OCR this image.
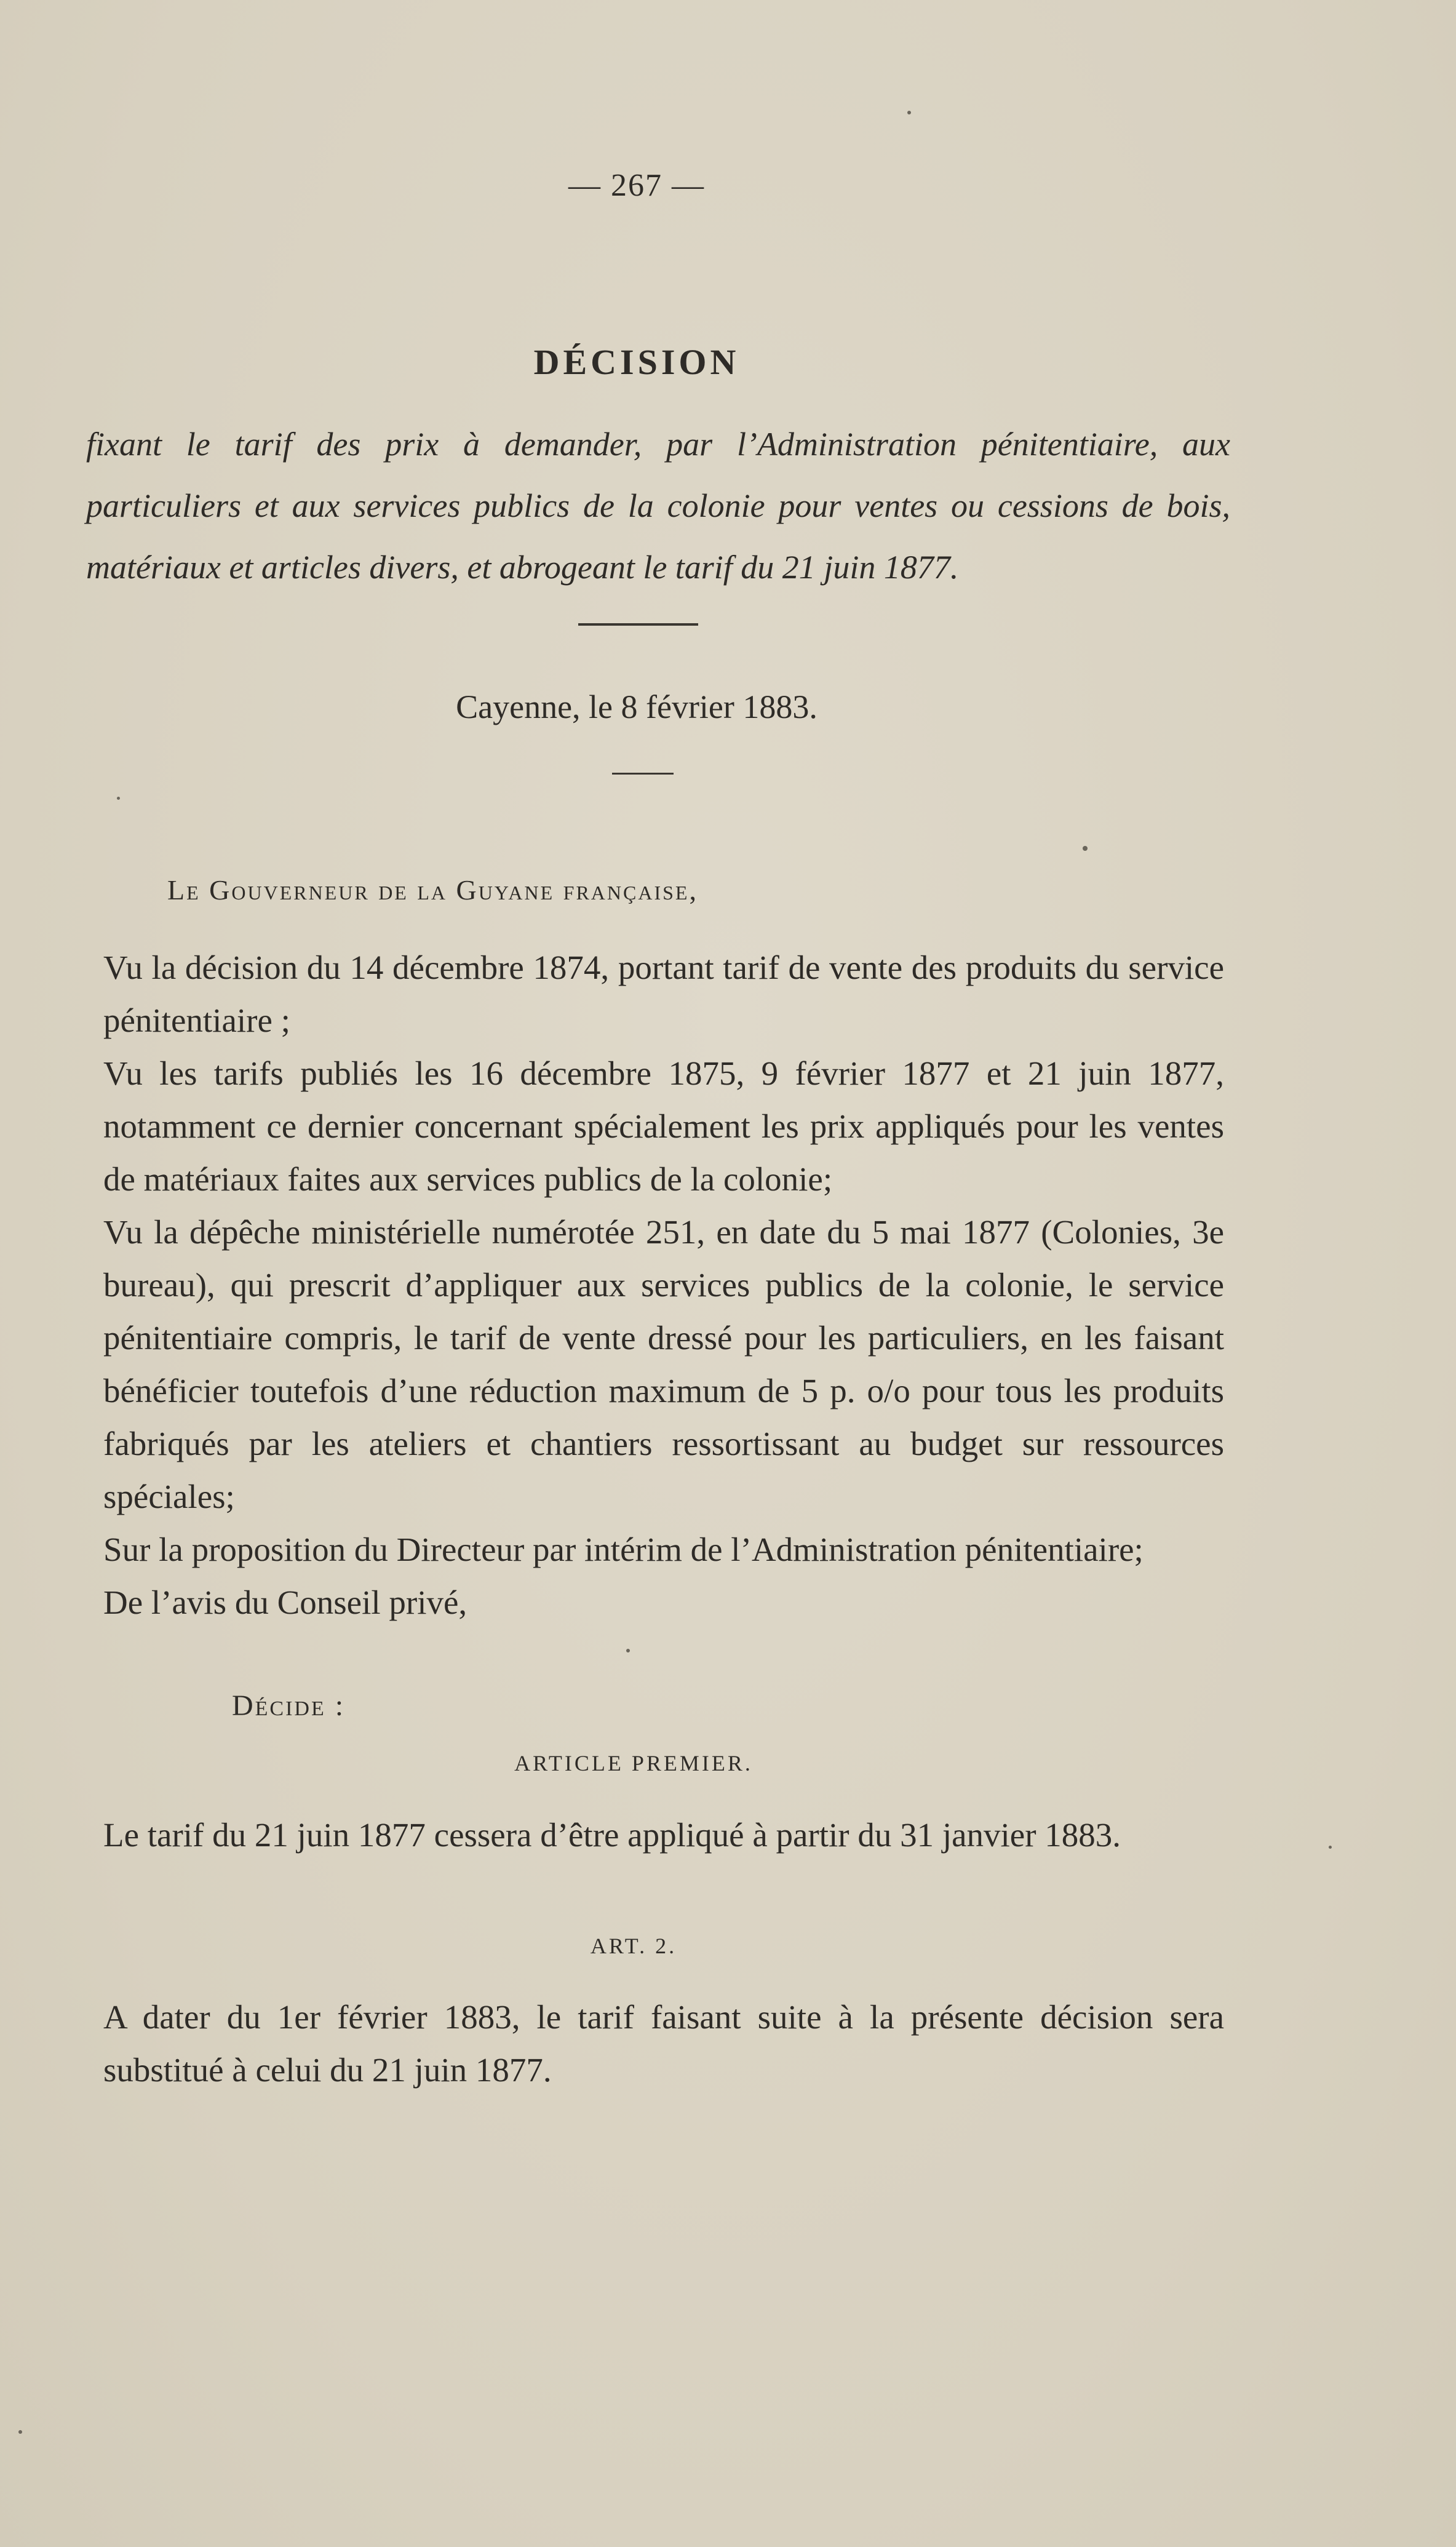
— 267 —
DÉCISION
fixant le tarif des prix à demander, par l’Administration pénitentiaire, aux particuliers et aux services publics de la colonie pour ventes ou cessions de bois, matériaux et articles divers, et abrogeant le tarif du 21 juin 1877.
Cayenne, le 8 février 1883.
Le Gouverneur de la Guyane française,

Vu la décision du 14 décembre 1874, portant tarif de vente des produits du service pénitentiaire ;

Vu les tarifs publiés les 16 décembre 1875, 9 février 1877 et 21 juin 1877, notamment ce dernier concernant spécialement les prix appliqués pour les ventes de matériaux faites aux services publics de la colonie;

Vu la dépêche ministérielle numérotée 251, en date du 5 mai 1877 (Colonies, 3e bureau), qui prescrit d’appliquer aux services publics de la colonie, le service pénitentiaire compris, le tarif de vente dressé pour les particuliers, en les faisant bénéficier toutefois d’une réduction maximum de 5 p. o/o pour tous les produits fabriqués par les ateliers et chantiers ressortissant au budget sur ressources spéciales;

Sur la proposition du Directeur par intérim de l’Administration pénitentiaire;

De l’avis du Conseil privé,

Décide :
ARTICLE PREMIER.
Le tarif du 21 juin 1877 cessera d’être appliqué à partir du 31 janvier 1883.
ART. 2.
A dater du 1er février 1883, le tarif faisant suite à la présente décision sera substitué à celui du 21 juin 1877.
